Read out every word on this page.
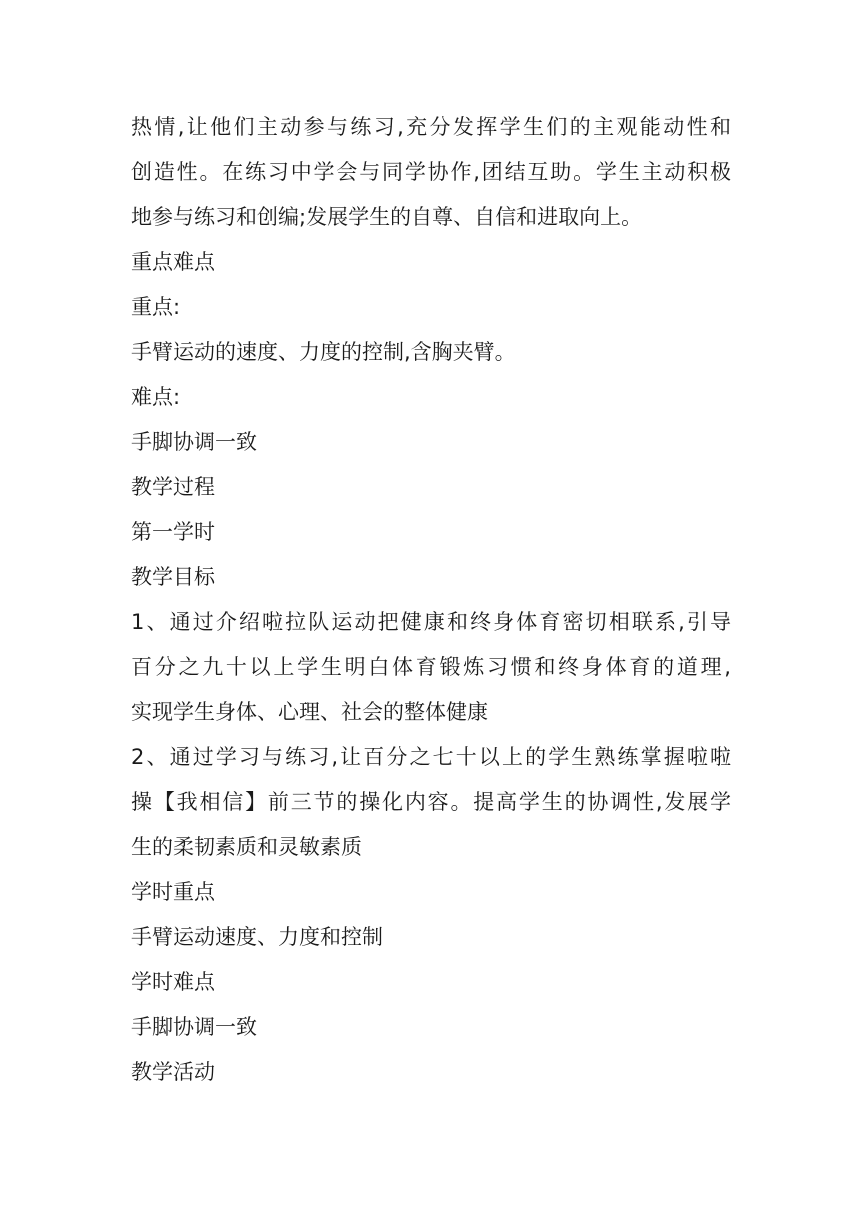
热情,让他们主动参与练习,充分发挥学生们的主观能动性和
创造性。在练习中学会与同学协作,团结互助。学生主动积极
地参与练习和创编;发展学生的自尊、自信和进取向上。
重点难点
重点:
手臂运动的速度、力度的控制,含胸夹臂。
难点:
手脚协调一致
教学过程
第一学时
教学目标
1、通过介绍啦拉队运动把健康和终身体育密切相联系,引导
百分之九十以上学生明白体育锻炼习惯和终身体育的道理,
实现学生身体、心理、社会的整体健康
2、通过学习与练习,让百分之七十以上的学生熟练掌握啦啦
操【我相信】前三节的操化内容。提高学生的协调性,发展学
生的柔韧素质和灵敏素质
学时重点
手臂运动速度、力度和控制
学时难点
手脚协调一致
教学活动
